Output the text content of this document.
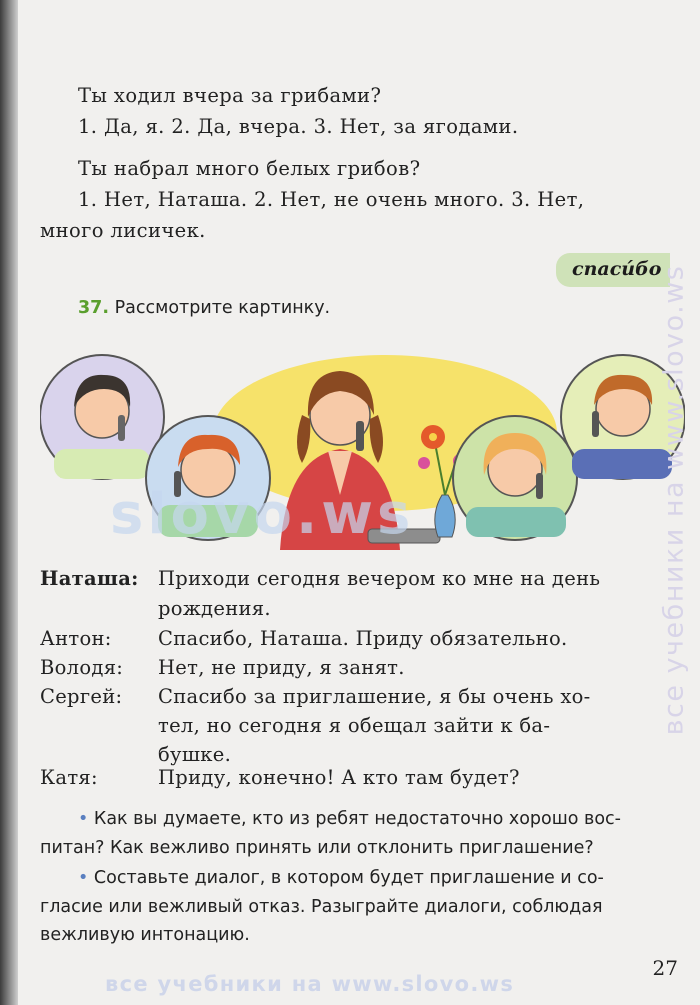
Ты ходил вчера за грибами?
1. Да, я. 2. Да, вчера. 3. Нет, за ягодами.
Ты набрал много белых грибов?
1. Нет, Наташа. 2. Нет, не очень много. 3. Нет,
много лисичек.
спаси́бо
37. Рассмотрите картинку.
slovo.ws
Наташа: Приходи сегодня вечером ко мне на день
рождения.
Антон: Спасибо, Наташа. Приду обязательно.
Володя: Нет, не приду, я занят.
Сергей: Спасибо за приглашение, я бы очень хо-
тел, но сегодня я обещал зайти к ба-
бушке.
Катя:	Приду, конечно! А кто там будет?
• Как вы думаете, кто из ребят недостаточно хорошо вос-
питан? Как вежливо принять или отклонить приглашение?
• Составьте диалог, в котором будет приглашение и со-
гласие или вежливый отказ. Разыграйте диалоги, соблюдая
вежливую интонацию.
27
все учебники на www.slovo.ws
все учебники на www.slovo.ws
